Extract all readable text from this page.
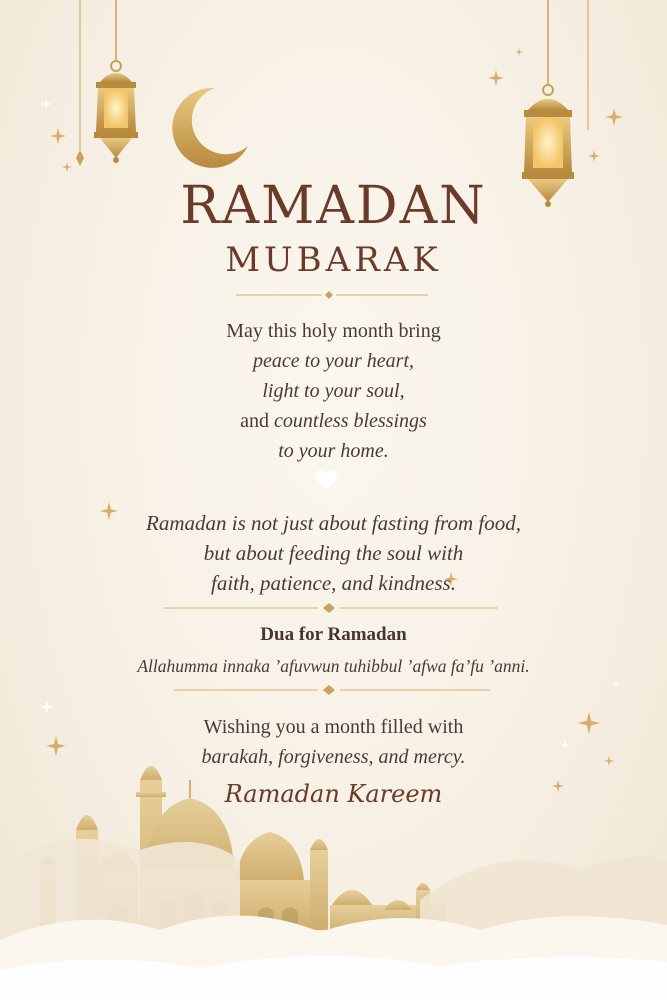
RAMADAN
MUBARAK
May this holy month bring
peace to your heart,
light to your soul,
and countless blessings
to your home.
Ramadan is not just about fasting from food,
but about feeding the soul with
faith, patience, and kindness.
Dua for Ramadan
Allahumma innaka ’afuvwun tuhibbul ’afwa fa’fu ’anni.
Wishing you a month filled with
barakah, forgiveness, and mercy.
Ramadan Kareem
